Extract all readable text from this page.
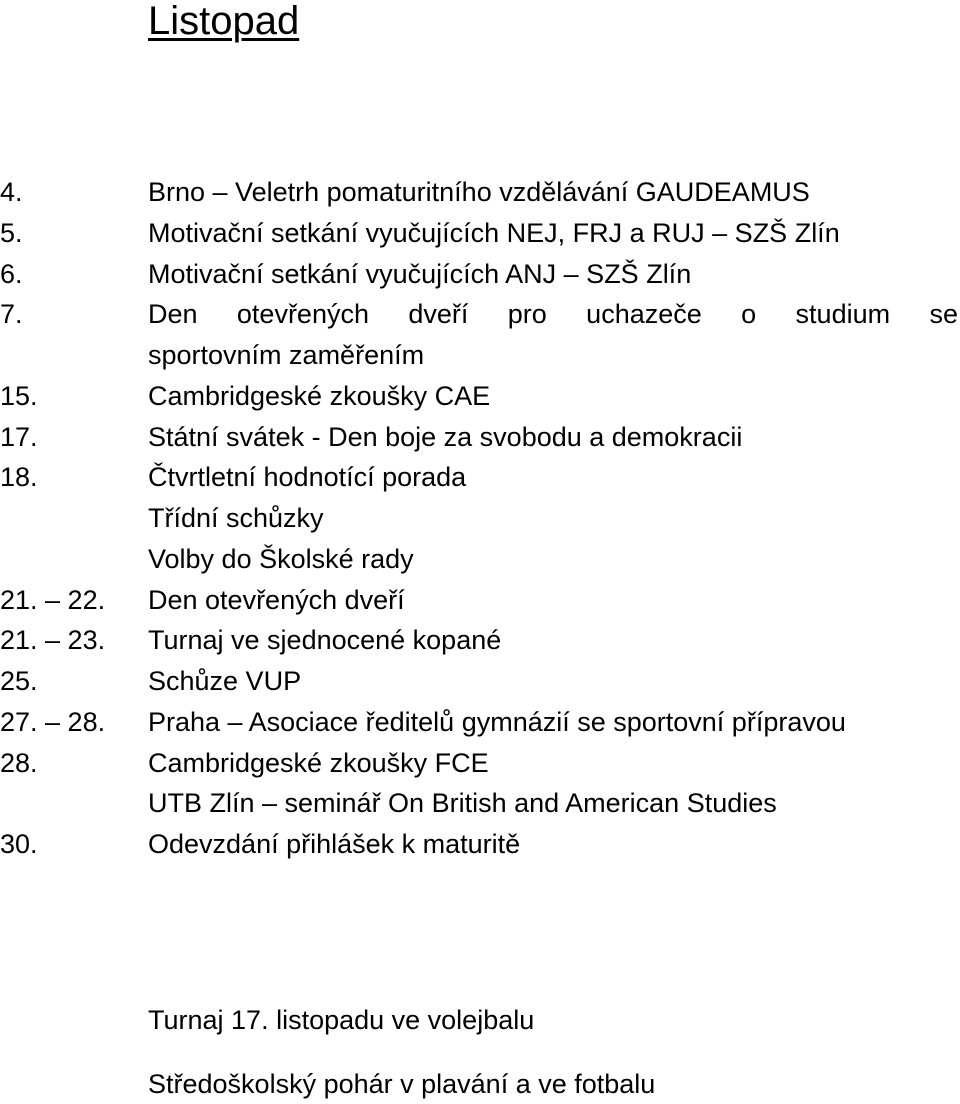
Listopad
4.	Brno – Veletrh pomaturitního vzdělávání GAUDEAMUS
5.	Motivační setkání vyučujících NEJ, FRJ a RUJ – SZŠ Zlín
6.	Motivační setkání vyučujících ANJ – SZŠ Zlín
7.	Den otevřených dveří pro uchazeče o studium se
sportovním zaměřením
15.	Cambridgeské zkoušky CAE
17.	Státní svátek - Den boje za svobodu a demokracii
18.	Čtvrtletní hodnotící porada
Třídní schůzky
Volby do Školské rady
21. – 22. Den otevřených dveří
21. – 23. Turnaj ve sjednocené kopané
25.	Schůze VUP
27. – 28. Praha – Asociace ředitelů gymnázií se sportovní přípravou
28.	Cambridgeské zkoušky FCE
UTB Zlín – seminář On British and American Studies
30.	Odevzdání přihlášek k maturitě
Turnaj 17. listopadu ve volejbalu
Středoškolský pohár v plavání a ve fotbalu
